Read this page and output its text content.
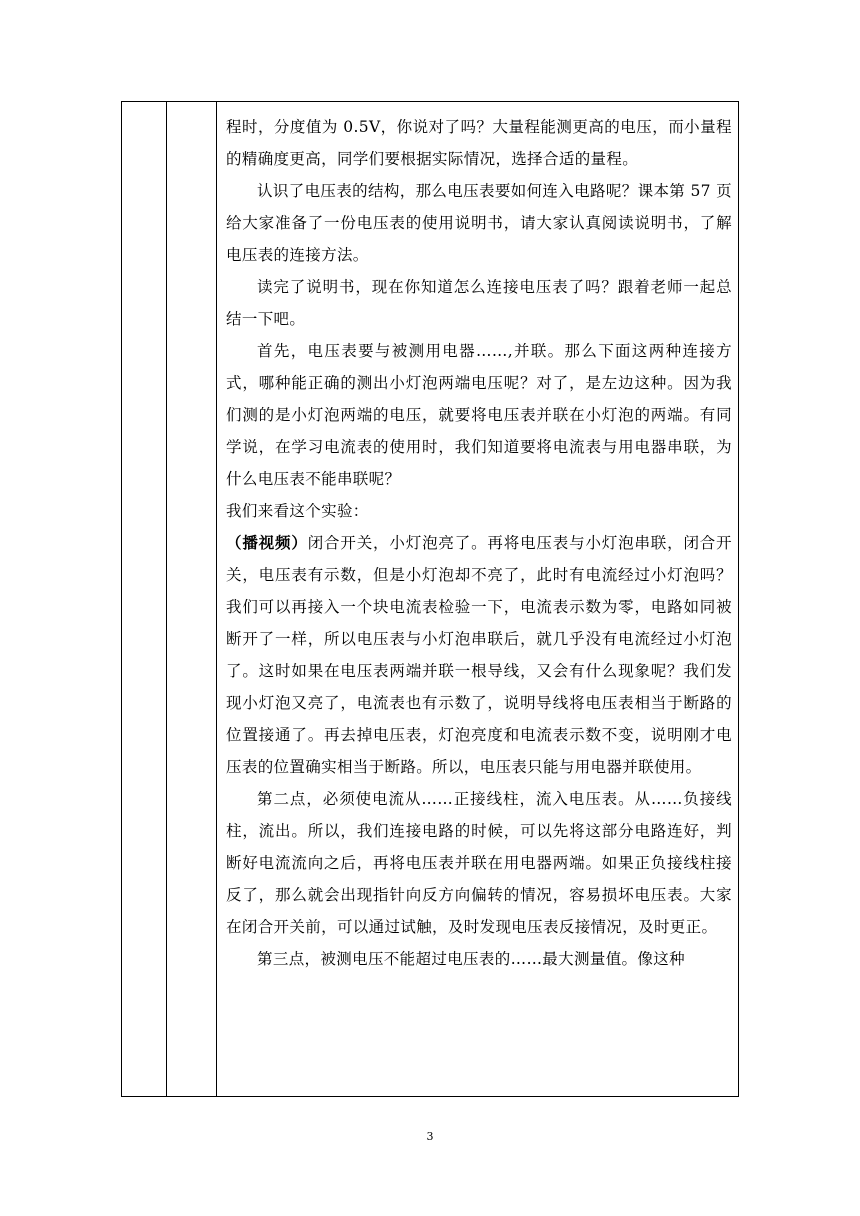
程时，分度值为 0.5V，你说对了吗？大量程能测更高的电压，而小量程的精确度更高，同学们要根据实际情况，选择合适的量程。

认识了电压表的结构，那么电压表要如何连入电路呢？课本第 57 页给大家准备了一份电压表的使用说明书，请大家认真阅读说明书，了解电压表的连接方法。

读完了说明书，现在你知道怎么连接电压表了吗？跟着老师一起总结一下吧。

首先，电压表要与被测用电器……,并联。那么下面这两种连接方式，哪种能正确的测出小灯泡两端电压呢？对了，是左边这种。因为我们测的是小灯泡两端的电压，就要将电压表并联在小灯泡的两端。有同学说，在学习电流表的使用时，我们知道要将电流表与用电器串联，为什么电压表不能串联呢？

我们来看这个实验：

（播视频）闭合开关，小灯泡亮了。再将电压表与小灯泡串联，闭合开关，电压表有示数，但是小灯泡却不亮了，此时有电流经过小灯泡吗？我们可以再接入一个块电流表检验一下，电流表示数为零，电路如同被断开了一样，所以电压表与小灯泡串联后，就几乎没有电流经过小灯泡了。这时如果在电压表两端并联一根导线，又会有什么现象呢？我们发现小灯泡又亮了，电流表也有示数了，说明导线将电压表相当于断路的位置接通了。再去掉电压表，灯泡亮度和电流表示数不变，说明刚才电压表的位置确实相当于断路。所以，电压表只能与用电器并联使用。

第二点，必须使电流从……正接线柱，流入电压表。从……负接线柱，流出。所以，我们连接电路的时候，可以先将这部分电路连好，判断好电流流向之后，再将电压表并联在用电器两端。如果正负接线柱接反了，那么就会出现指针向反方向偏转的情况，容易损坏电压表。大家在闭合开关前，可以通过试触，及时发现电压表反接情况，及时更正。

第三点，被测电压不能超过电压表的……最大测量值。像这种

3
